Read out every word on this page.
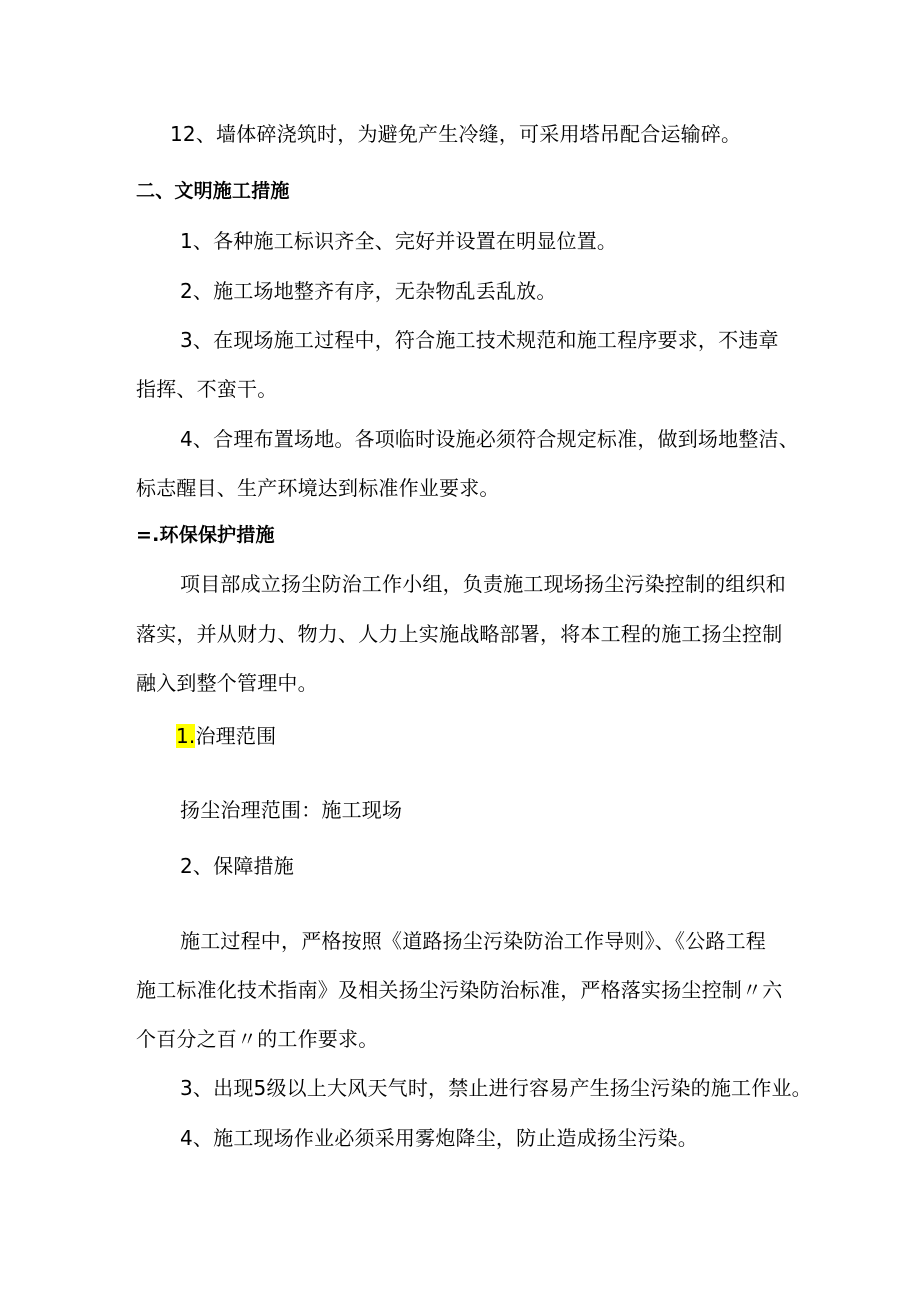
12、墙体碎浇筑时，为避免产生冷缝，可采用塔吊配合运输碎。
二、文明施工措施
1、各种施工标识齐全、完好并设置在明显位置。
2、施工场地整齐有序，无杂物乱丢乱放。
3、在现场施工过程中，符合施工技术规范和施工程序要求，不违章
指挥、不蛮干。
4、合理布置场地。各项临时设施必须符合规定标准，做到场地整洁、
标志醒目、生产环境达到标准作业要求。
=.环保保护措施
项目部成立扬尘防治工作小组，负责施工现场扬尘污染控制的组织和
落实，并从财力、物力、人力上实施战略部署，将本工程的施工扬尘控制
融入到整个管理中。
1.治理范围
扬尘治理范围：施工现场
2、保障措施
施工过程中，严格按照《道路扬尘污染防治工作导则》、《公路工程
施工标准化技术指南》及相关扬尘污染防治标准，严格落实扬尘控制〃六
个百分之百〃的工作要求。
3、出现5级以上大风天气时，禁止进行容易产生扬尘污染的施工作业。
4、施工现场作业必须采用雾炮降尘，防止造成扬尘污染。
